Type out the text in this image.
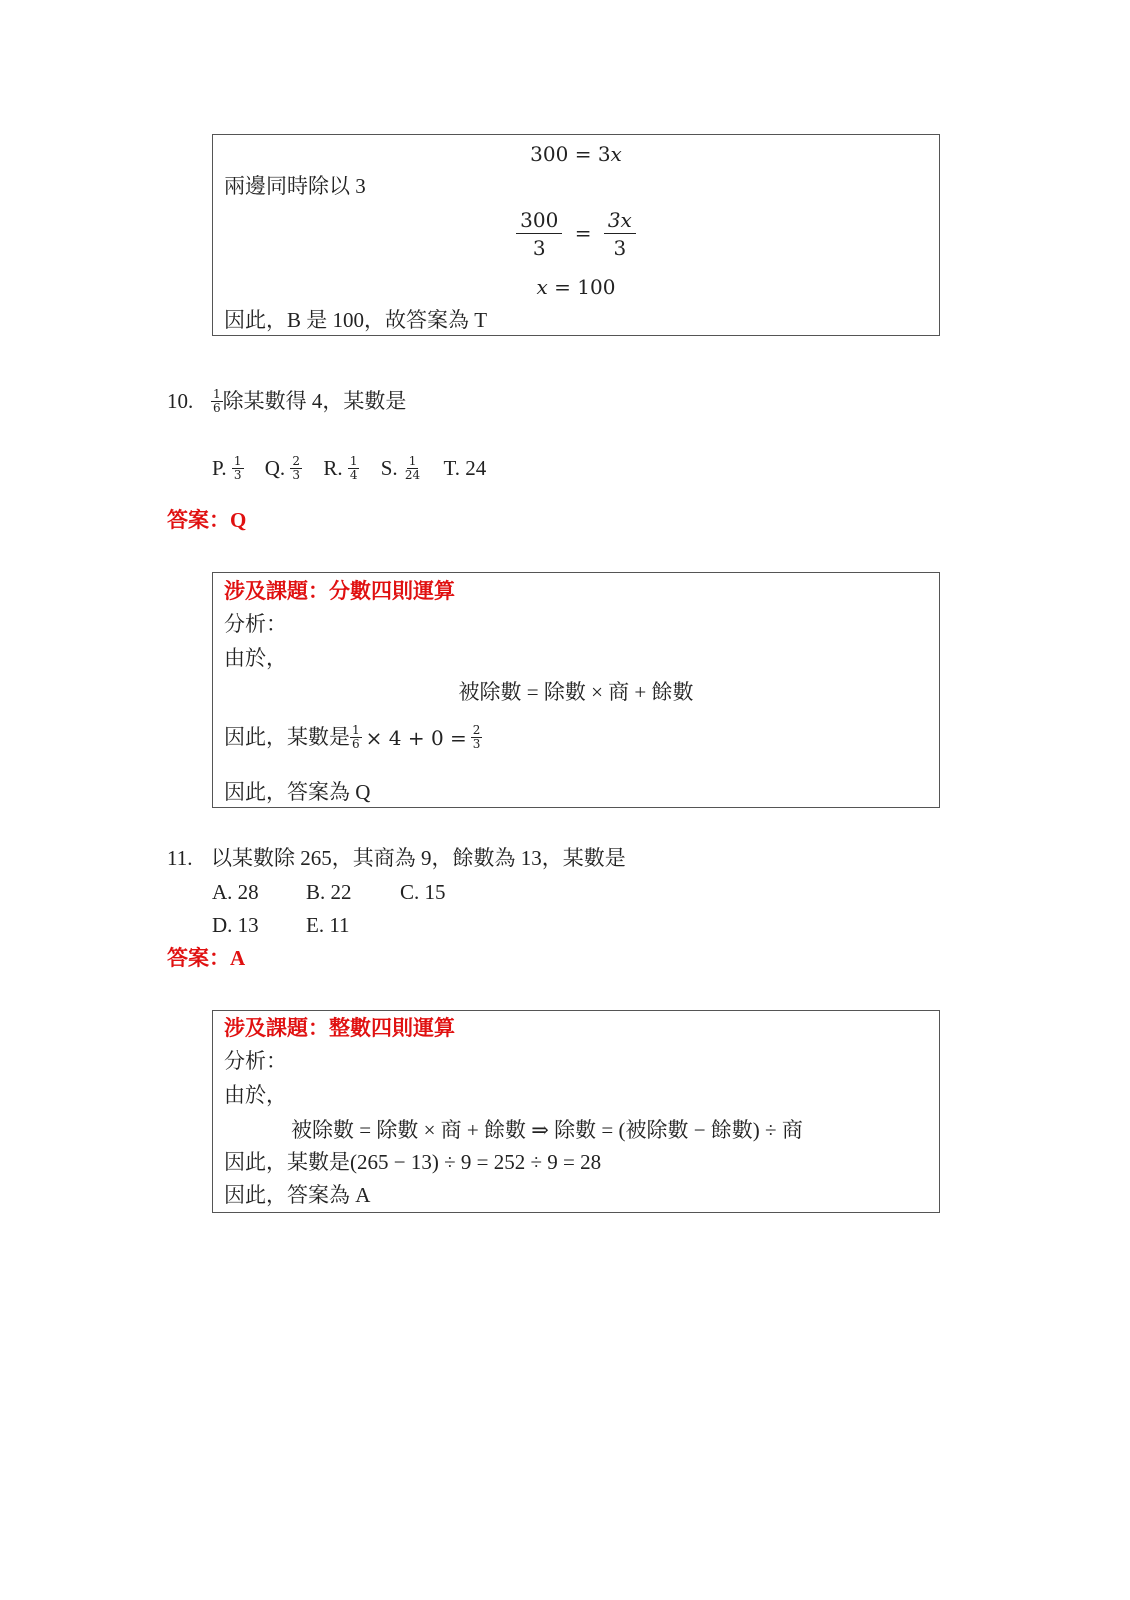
300 = 3x
兩邊同時除以 3
$\frac{300}{3} = \frac{3x}{3}$
x = 100
因此，B 是 100，故答案為 T
10. $\frac{1}{6}$ 除某數得 4，某數是
P. $\frac{1}{3} Q$. $\frac{2}{3} R$. $\frac{1}{4} S$. $\frac{1}{24} T$. 24
答案：Q
涉及課題：分數四則運算
分析：
由於，
被除數 = 除數 × 商 + 餘數
因此，某數是 $\frac{1}{6} \times 4 + 0 = \frac{2}{3}$
因此，答案為 Q
11. 以某數除 265，其商為 9，餘數為 13，某數是
A. 28 B. 22 C. 15
D. 13 E. 11
答案：A
涉及課題：整數四則運算
分析：
由於，
被除數 = 除數 × 商 + 餘數 ⇒ 除數 = (被除數 − 餘數) ÷ 商
因此，某數是(265 − 13) ÷ 9 = 252 ÷ 9 = 28
因此，答案為 A
